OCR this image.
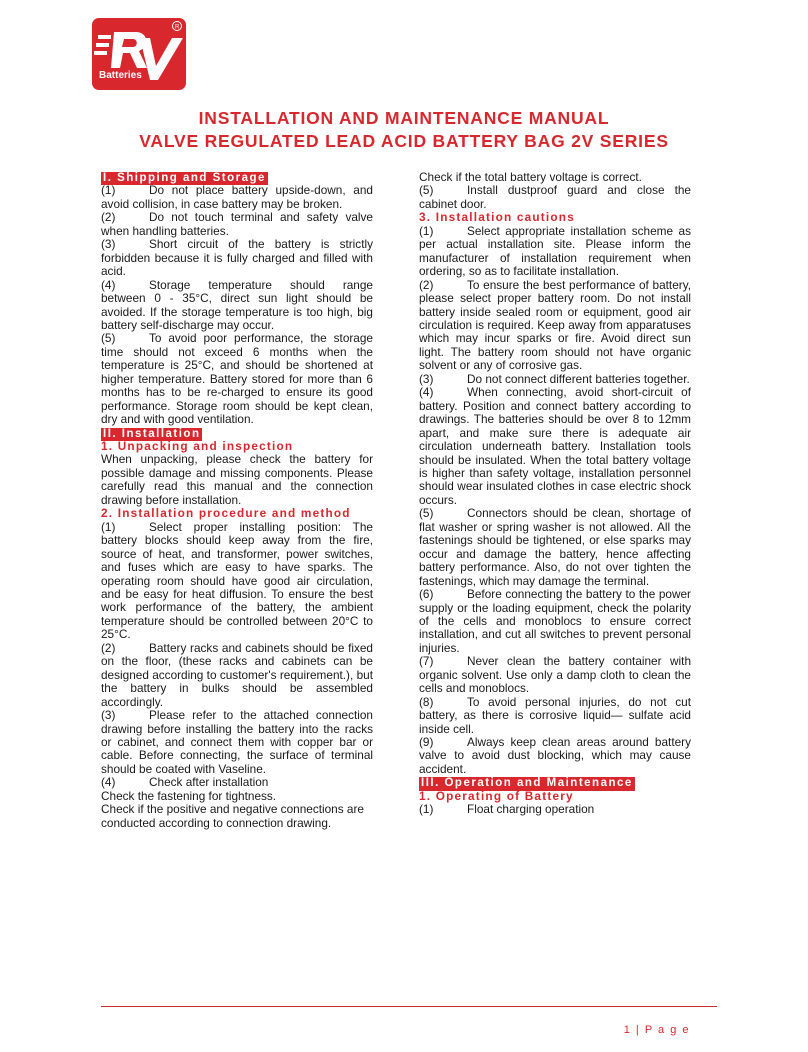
R
Batteries
INSTALLATION AND MAINTENANCE MANUAL
VALVE REGULATED LEAD ACID BATTERY BAG 2V SERIES
I. Shipping and Storage

(1)	Do not place battery upside-down, and avoid collision, in case battery may be broken.

(2)	Do not touch terminal and safety valve when handling batteries.

(3)	Short circuit of the battery is strictly forbidden because it is fully charged and filled with acid.

(4)	Storage temperature should range between 0 - 35°C, direct sun light should be avoided. If the storage temperature is too high, big battery self-discharge may occur.

(5)	To avoid poor performance, the storage time should not exceed 6 months when the temperature is 25°C, and should be shortened at higher temperature. Battery stored for more than 6 months has to be re-charged to ensure its good performance. Storage room should be kept clean, dry and with good ventilation.

II. Installation
1. Unpacking and inspection

When unpacking, please check the battery for possible damage and missing components. Please carefully read this manual and the connection drawing before installation.

2. Installation procedure and method

(1)	Select proper installing position: The battery blocks should keep away from the fire, source of heat, and transformer, power switches, and fuses which are easy to have sparks. The operating room should have good air circulation, and be easy for heat diffusion. To ensure the best work performance of the battery, the ambient temperature should be controlled between 20°C to 25°C.

(2)	Battery racks and cabinets should be fixed on the floor, (these racks and cabinets can be designed according to customer's requirement.), but the battery in bulks should be assembled accordingly.

(3)	Please refer to the attached connection drawing before installing the battery into the racks or cabinet, and connect them with copper bar or cable. Before connecting, the surface of terminal should be coated with Vaseline.

(4)	Check after installation

Check the fastening for tightness.

Check if the positive and negative connections are conducted according to connection drawing.

Check if the total battery voltage is correct.

(5)	Install dustproof guard and close the cabinet door.

3. Installation cautions

(1)	Select appropriate installation scheme as per actual installation site. Please inform the manufacturer of installation requirement when ordering, so as to facilitate installation.

(2)	To ensure the best performance of battery, please select proper battery room. Do not install battery inside sealed room or equipment, good air circulation is required. Keep away from apparatuses which may incur sparks or fire. Avoid direct sun light. The battery room should not have organic solvent or any of corrosive gas.

(3)	Do not connect different batteries together.

(4)	When connecting, avoid short-circuit of battery. Position and connect battery according to drawings. The batteries should be over 8 to 12mm apart, and make sure there is adequate air circulation underneath battery. Installation tools should be insulated. When the total battery voltage is higher than safety voltage, installation personnel should wear insulated clothes in case electric shock occurs.

(5)	Connectors should be clean, shortage of flat washer or spring washer is not allowed. All the fastenings should be tightened, or else sparks may occur and damage the battery, hence affecting battery performance. Also, do not over tighten the fastenings, which may damage the terminal.

(6)	Before connecting the battery to the power supply or the loading equipment, check the polarity of the cells and monoblocs to ensure correct installation, and cut all switches to prevent personal injuries.

(7)	Never clean the battery container with organic solvent. Use only a damp cloth to clean the cells and monoblocs.

(8)	To avoid personal injuries, do not cut battery, as there is corrosive liquid— sulfate acid inside cell.

(9)	Always keep clean areas around battery valve to avoid dust blocking, which may cause accident.

III. Operation and Maintenance
1. Operating of Battery

(1)	Float charging operation

1 | P a g e
